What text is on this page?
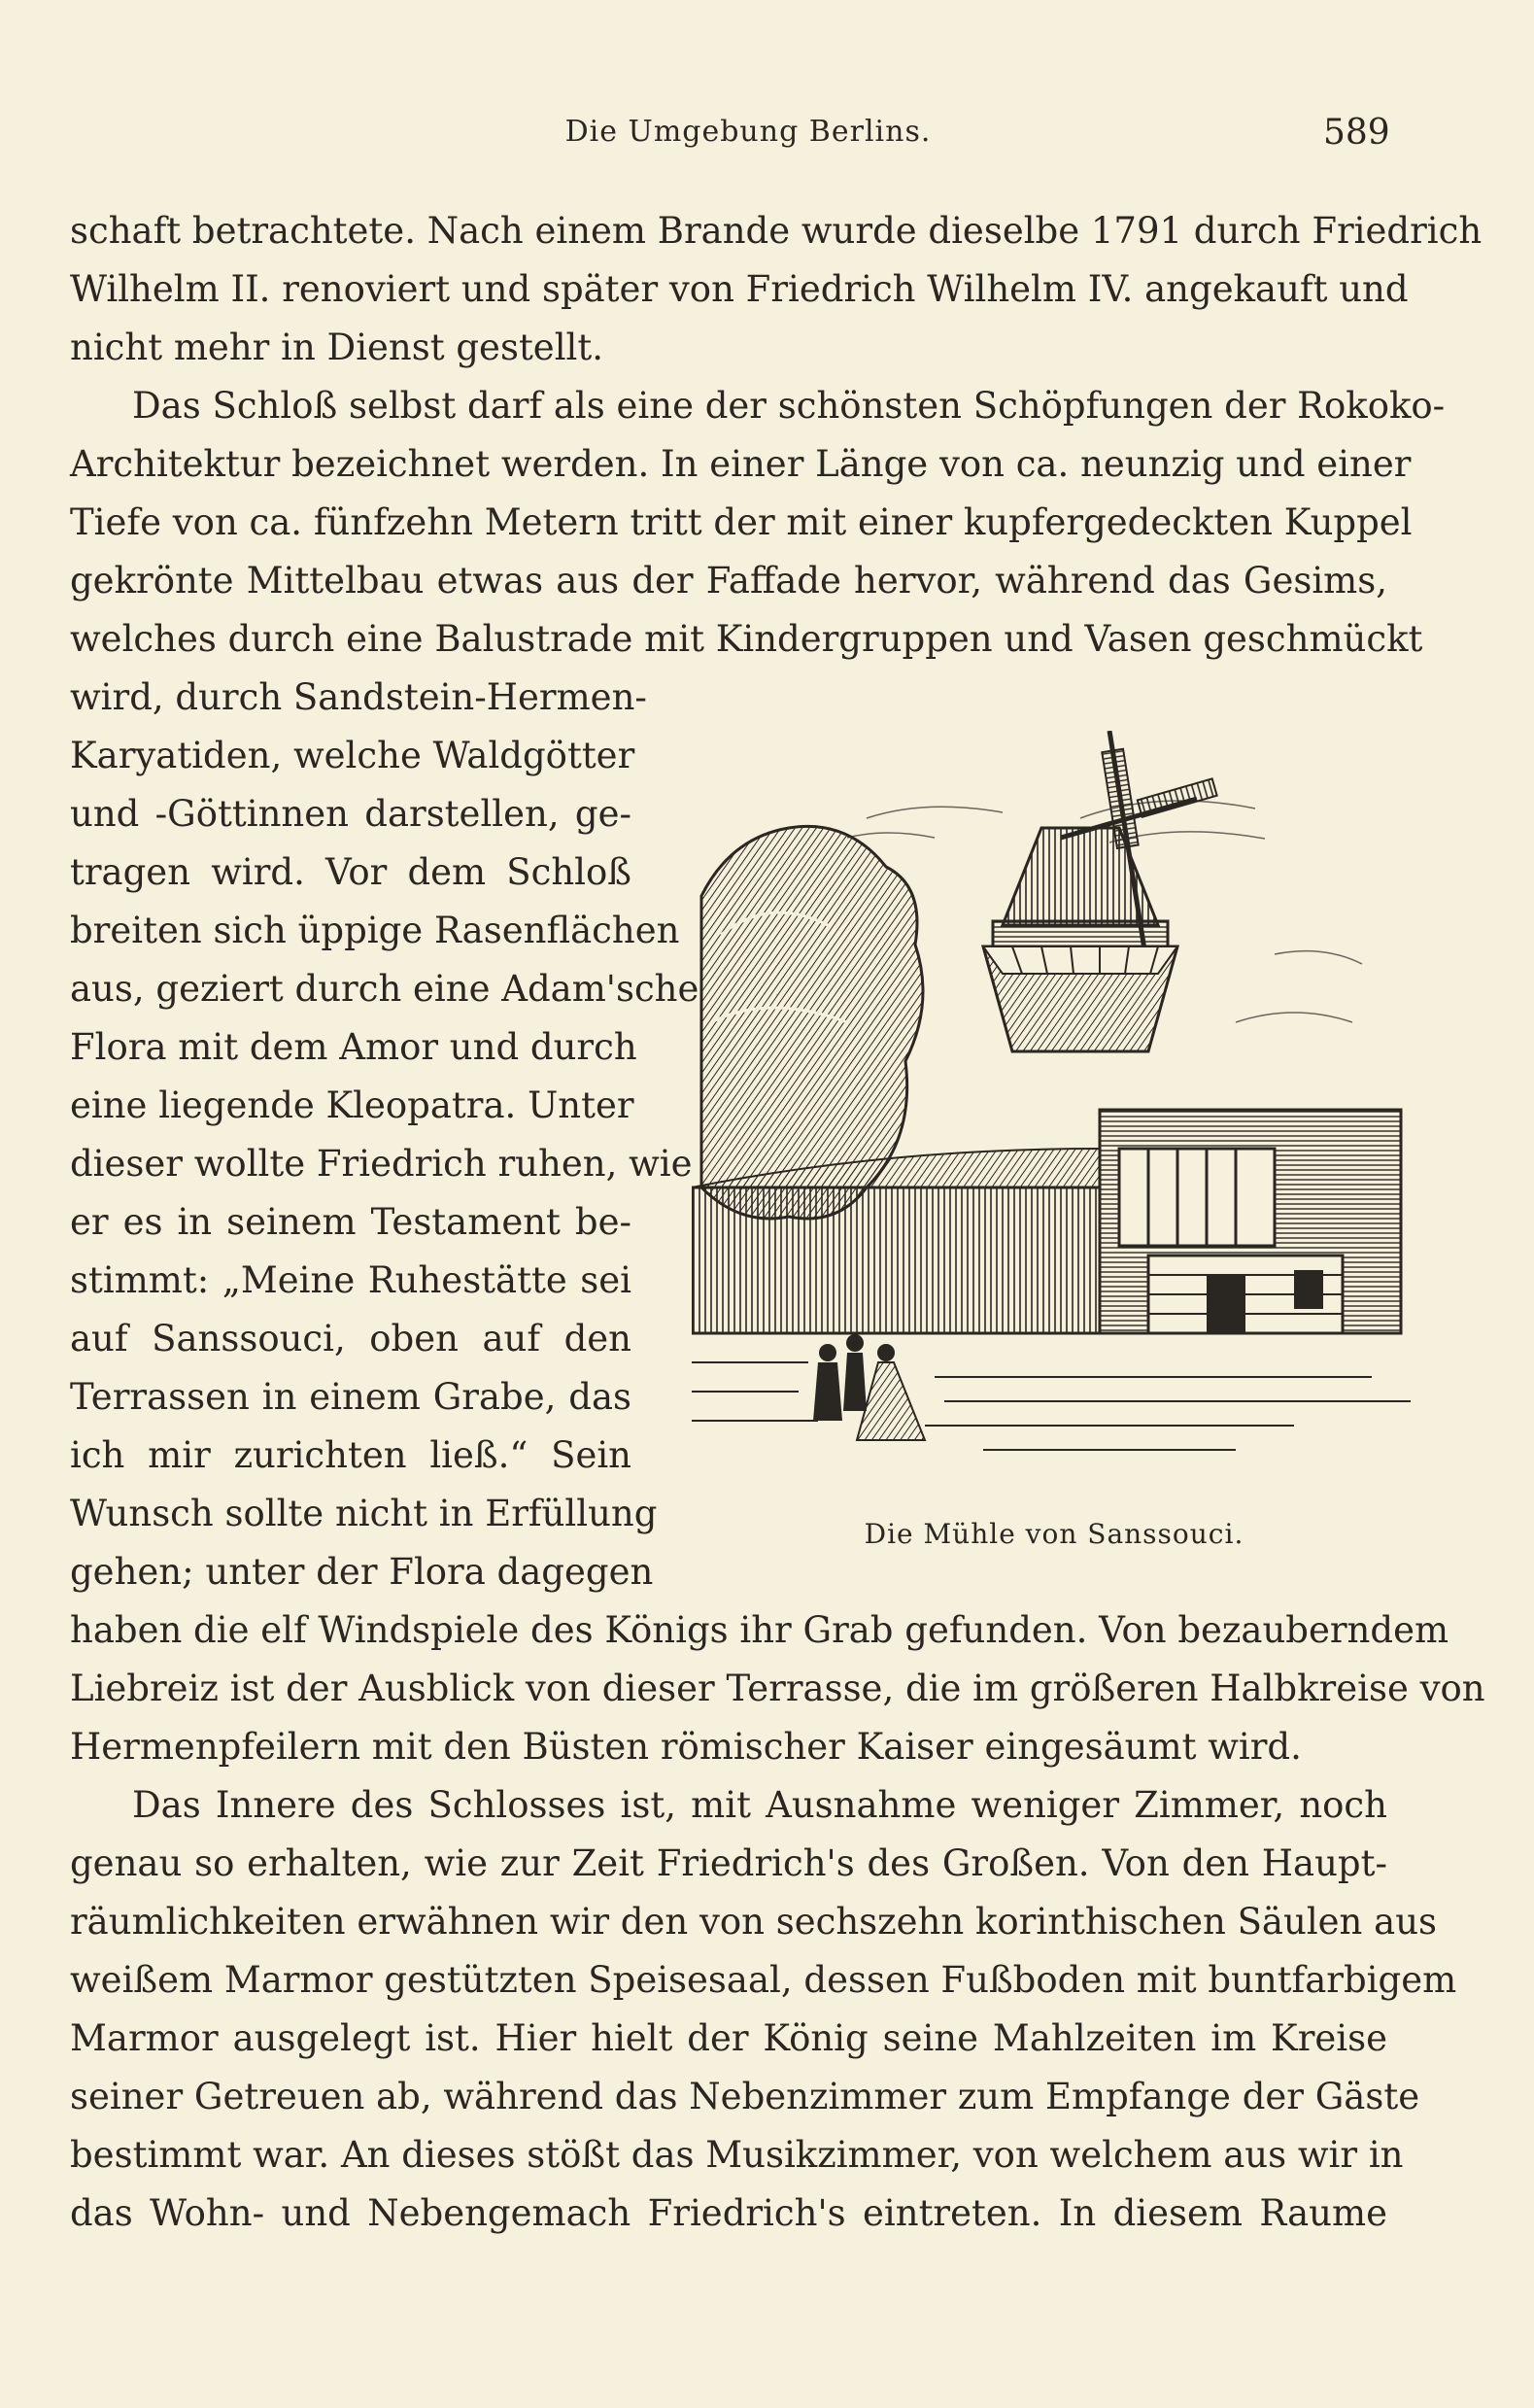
Die Umgebung Berlins.	589
schaft betrachtete. Nach einem Brande wurde dieselbe 1791 durch Friedrich
Wilhelm II. renoviert und später von Friedrich Wilhelm IV. angekauft und
nicht mehr in Dienst gestellt.
Das Schloß selbst darf als eine der schönsten Schöpfungen der Rokoko-
Architektur bezeichnet werden. In einer Länge von ca. neunzig und einer
Tiefe von ca. fünfzehn Metern tritt der mit einer kupfergedeckten Kuppel
gekrönte Mittelbau etwas aus der Faffade hervor, während das Gesims,
welches durch eine Balustrade mit Kindergruppen und Vasen geschmückt
wird, durch Sandstein-Hermen-
Karyatiden, welche Waldgötter
und -Göttinnen darstellen, ge-
tragen wird. Vor dem Schloß
breiten sich üppige Rasenflächen
aus, geziert durch eine Adam'sche
Flora mit dem Amor und durch
eine liegende Kleopatra. Unter
dieser wollte Friedrich ruhen, wie
er es in seinem Testament be-
stimmt: „Meine Ruhestätte sei
auf Sanssouci, oben auf den
Terrassen in einem Grabe, das
ich mir zurichten ließ.“ Sein
Wunsch sollte nicht in Erfüllung
gehen; unter der Flora dagegen
haben die elf Windspiele des Königs ihr Grab gefunden. Von bezauberndem
Liebreiz ist der Ausblick von dieser Terrasse, die im größeren Halbkreise von
Hermenpfeilern mit den Büsten römischer Kaiser eingesäumt wird.
Das Innere des Schlosses ist, mit Ausnahme weniger Zimmer, noch
genau so erhalten, wie zur Zeit Friedrich's des Großen. Von den Haupt-
räumlichkeiten erwähnen wir den von sechszehn korinthischen Säulen aus
weißem Marmor gestützten Speisesaal, dessen Fußboden mit buntfarbigem
Marmor ausgelegt ist. Hier hielt der König seine Mahlzeiten im Kreise
seiner Getreuen ab, während das Nebenzimmer zum Empfange der Gäste
bestimmt war. An dieses stößt das Musikzimmer, von welchem aus wir in
das Wohn- und Nebengemach Friedrich's eintreten. In diesem Raume
Die Mühle von Sanssouci.
